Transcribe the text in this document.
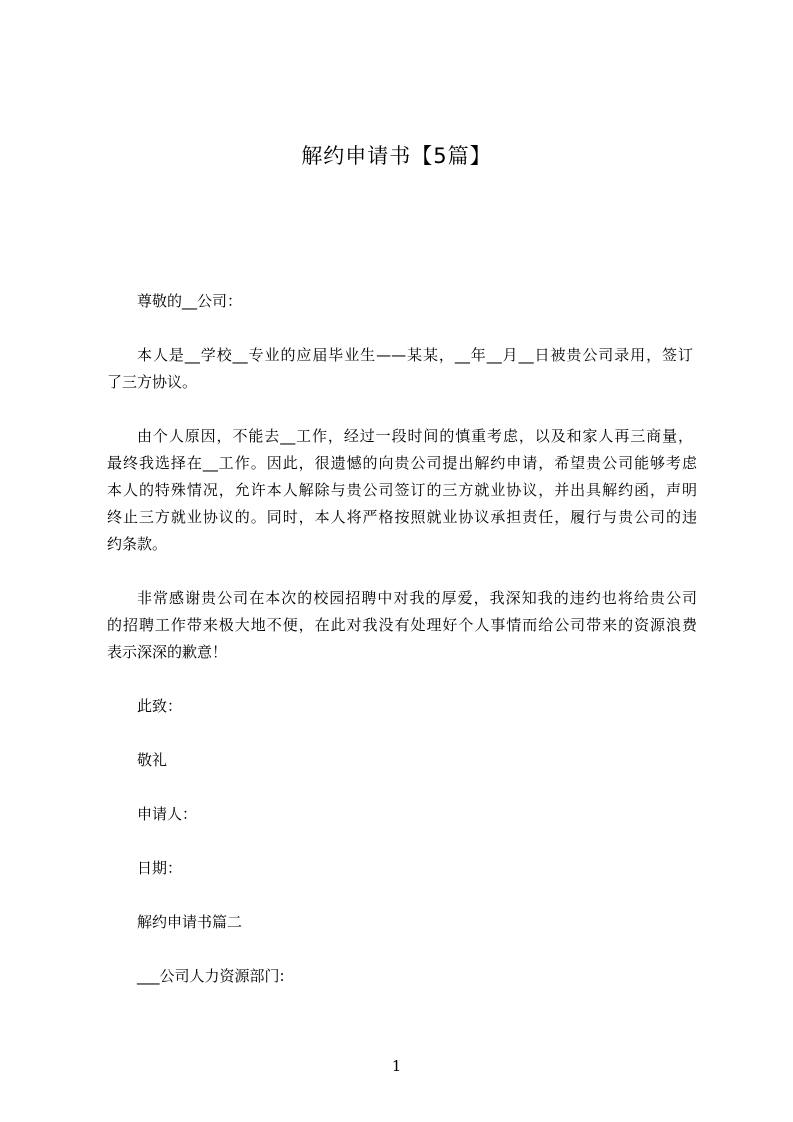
解约申请书【5篇】
尊敬的__公司：
本人是__学校__专业的应届毕业生——某某，__年__月__日被贵公司录用，签订
了三方协议。
由个人原因，不能去__工作，经过一段时间的慎重考虑，以及和家人再三商量，
最终我选择在__工作。因此，很遗憾的向贵公司提出解约申请，希望贵公司能够考虑
本人的特殊情况，允许本人解除与贵公司签订的三方就业协议，并出具解约函，声明
终止三方就业协议的。同时，本人将严格按照就业协议承担责任，履行与贵公司的违
约条款。
非常感谢贵公司在本次的校园招聘中对我的厚爱，我深知我的违约也将给贵公司
的招聘工作带来极大地不便，在此对我没有处理好个人事情而给公司带来的资源浪费
表示深深的歉意！
此致：
敬礼
申请人：
日期：
解约申请书篇二
___公司人力资源部门:
1
